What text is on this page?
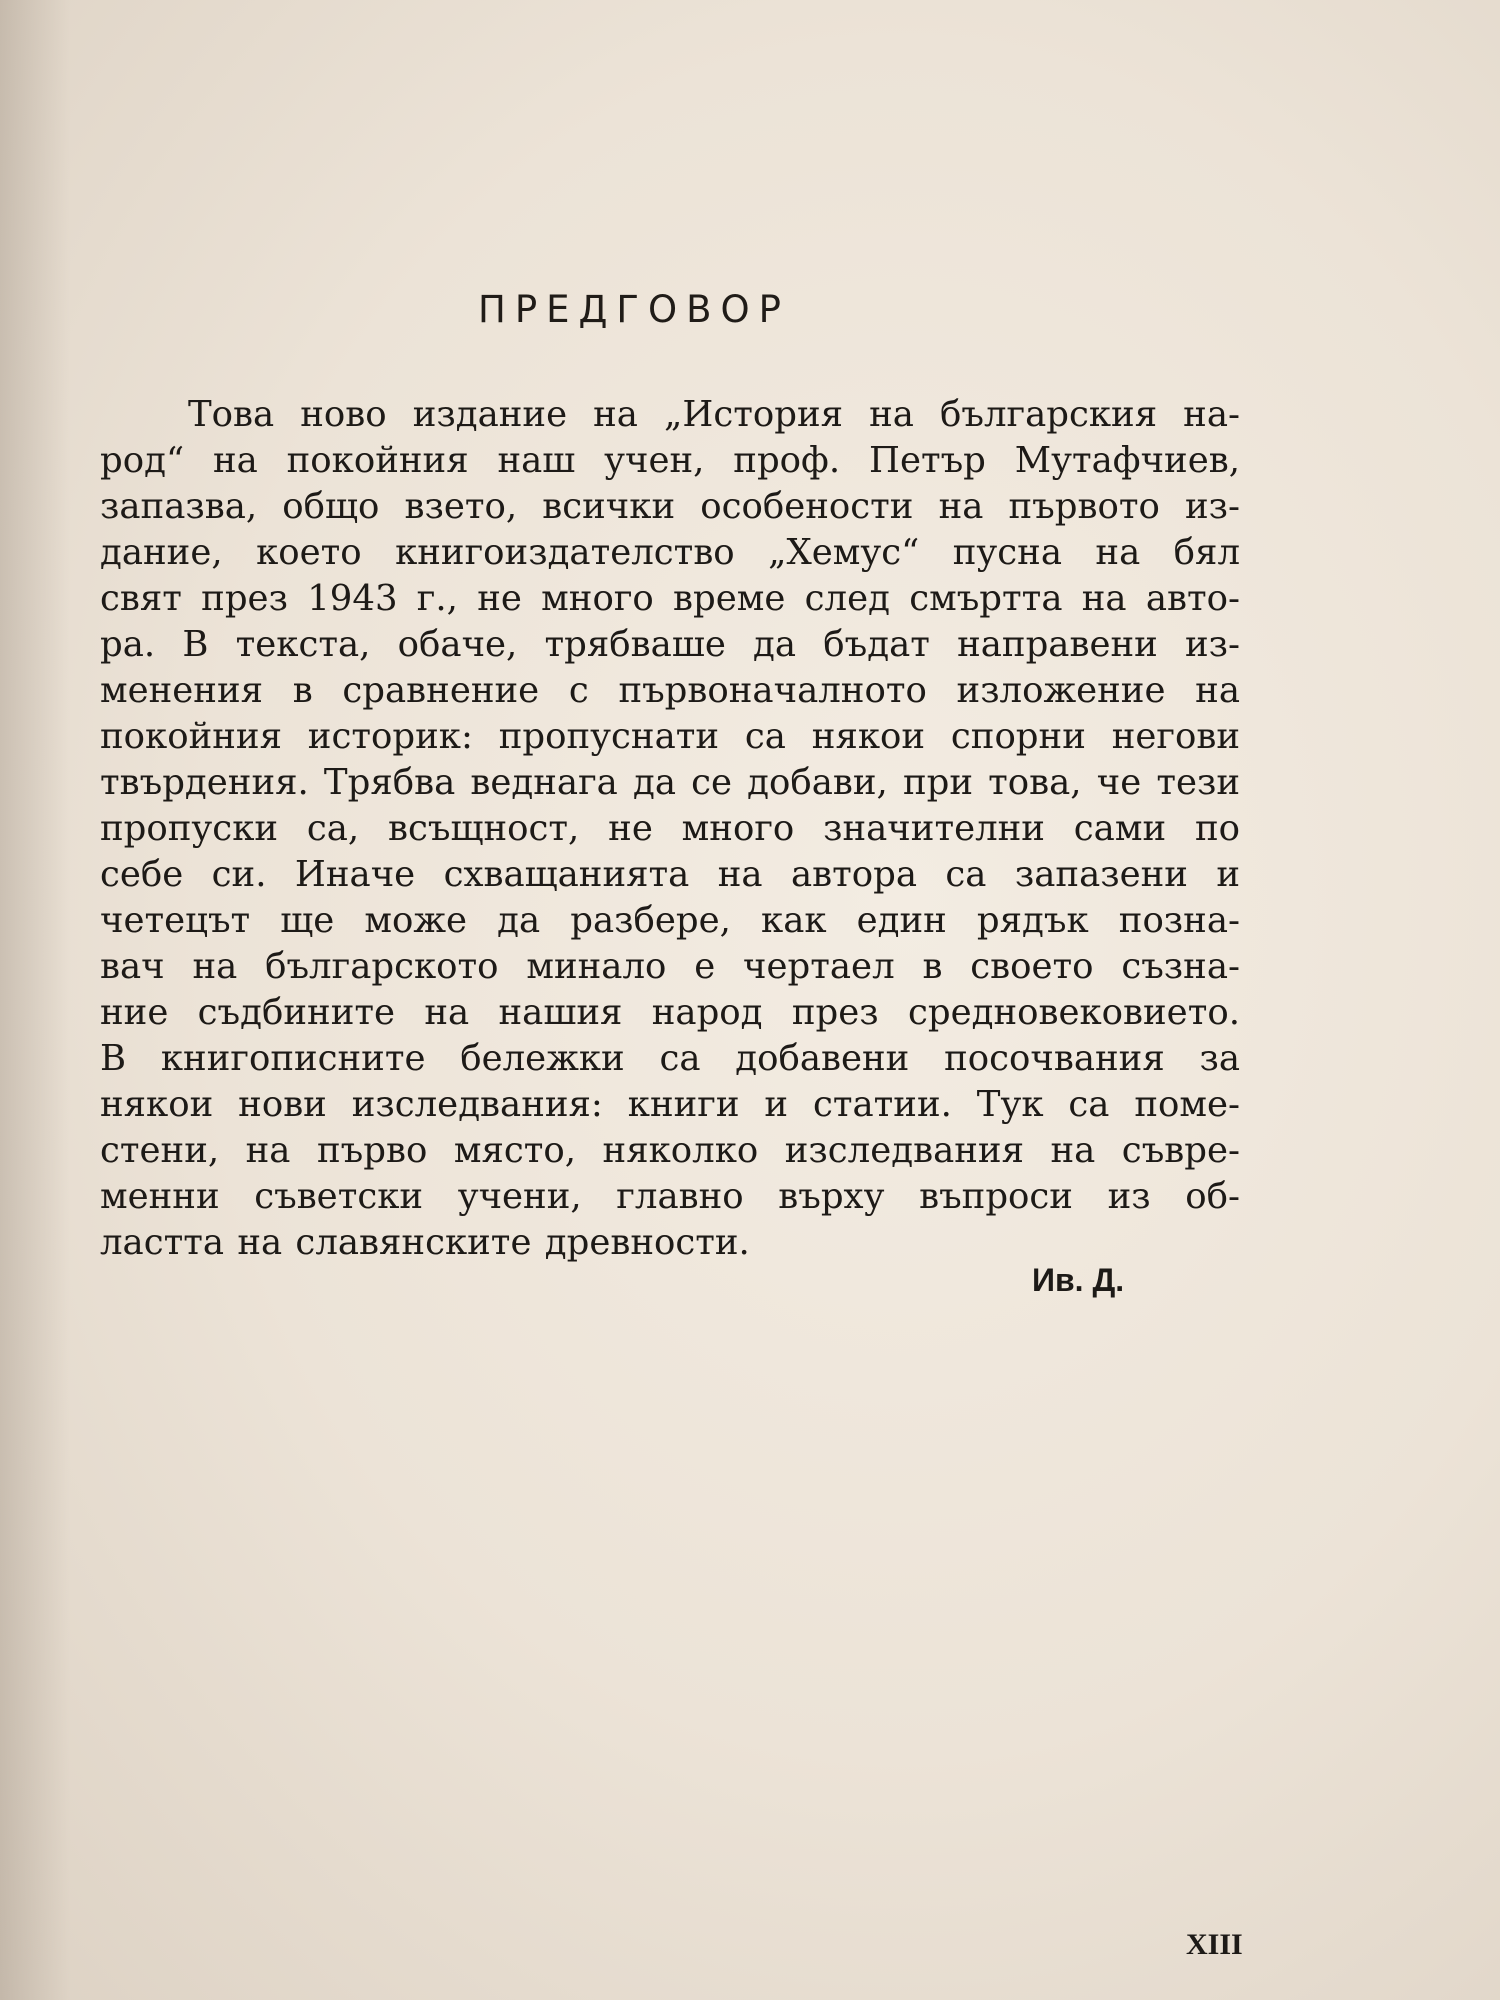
ПРЕДГОВОР
Това ново издание на „История на българския на-
род“ на покойния наш учен, проф. Петър Мутафчиев,
запазва, общо взето, всички особености на първото из-
дание, което книгоиздателство „Хемус“ пусна на бял
свят през 1943 г., не много време след смъртта на авто-
ра. В текста, обаче, трябваше да бъдат направени из-
менения в сравнение с първоначалното изложение на
покойния историк: пропуснати са някои спорни негови
твърдения. Трябва веднага да се добави, при това, че тези
пропуски са, всъщност, не много значителни сами по
себе си. Иначе схващанията на автора са запазени и
четецът ще може да разбере, как един рядък позна-
вач на българското минало е чертаел в своето съзна-
ние съдбините на нашия народ през средновековието.
В книгописните бележки са добавени посочвания за
някои нови изследвания: книги и статии. Тук са поме-
стени, на първо място, няколко изследвания на съвре-
менни съветски учени, главно върху въпроси из об-
ластта на славянските древности.
Ив. Д.
XIII
